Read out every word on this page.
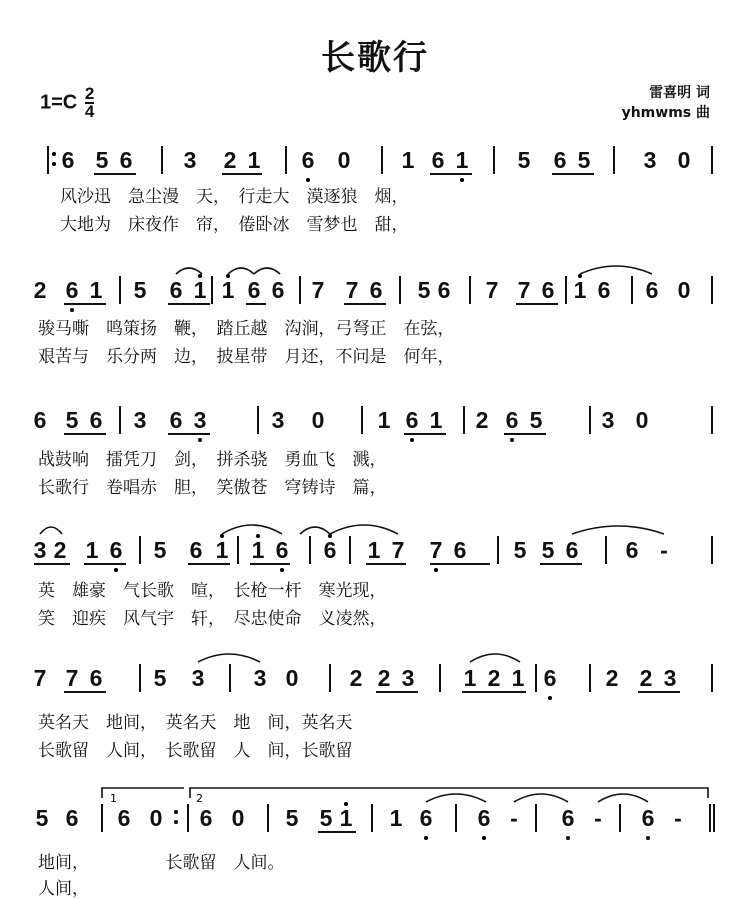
长歌行
$1=C \frac{2}{4}$	雷喜明 词
yhmwms 曲
1	2
6 5 6 3 2 1 6 0 1 6 1 5 6 5 3 0
2 6 1 5 6 1 1 6 6 7 7 6 5 6 7 7 6 1 6 6 0
6 5 6 3 6 3	3 0 1 6 1 2 6 5	3 0
3 2 1 6 5 6 1 1 6 6 1 7 7 6 5 5 6 6 -
7 7 6 5 3 3 0 2 2 3 1 2 1 6 2 2 3
5 6 6 0 6 0 5 5 1 1 6 6 - 6 - 6 -
风沙迅　急尘漫　天，　行走大　漠逐狼　烟，
大地为　床夜作　帘，　倦卧冰　雪梦也　甜，
骏马嘶　鸣策扬　鞭，　踏丘越　沟涧，弓弩正　在弦，
艰苦与　乐分两　边，　披星带　月还，不问是　何年，
战鼓响　擂凭刀　剑，　拼杀骁　勇血飞　溅，
长歌行　卷唱赤　胆，　笑傲苍　穹铸诗　篇，
英　雄豪　气长歌　喧，　长枪一杆　寒光现，
笑　迎疾　风气宇　轩，　尽忠使命　义凌然，
英名天　地间，　英名天　地　间，英名天
长歌留　人间，　长歌留　人　间，长歌留
地间，　　　　　长歌留　人间。
人间，
